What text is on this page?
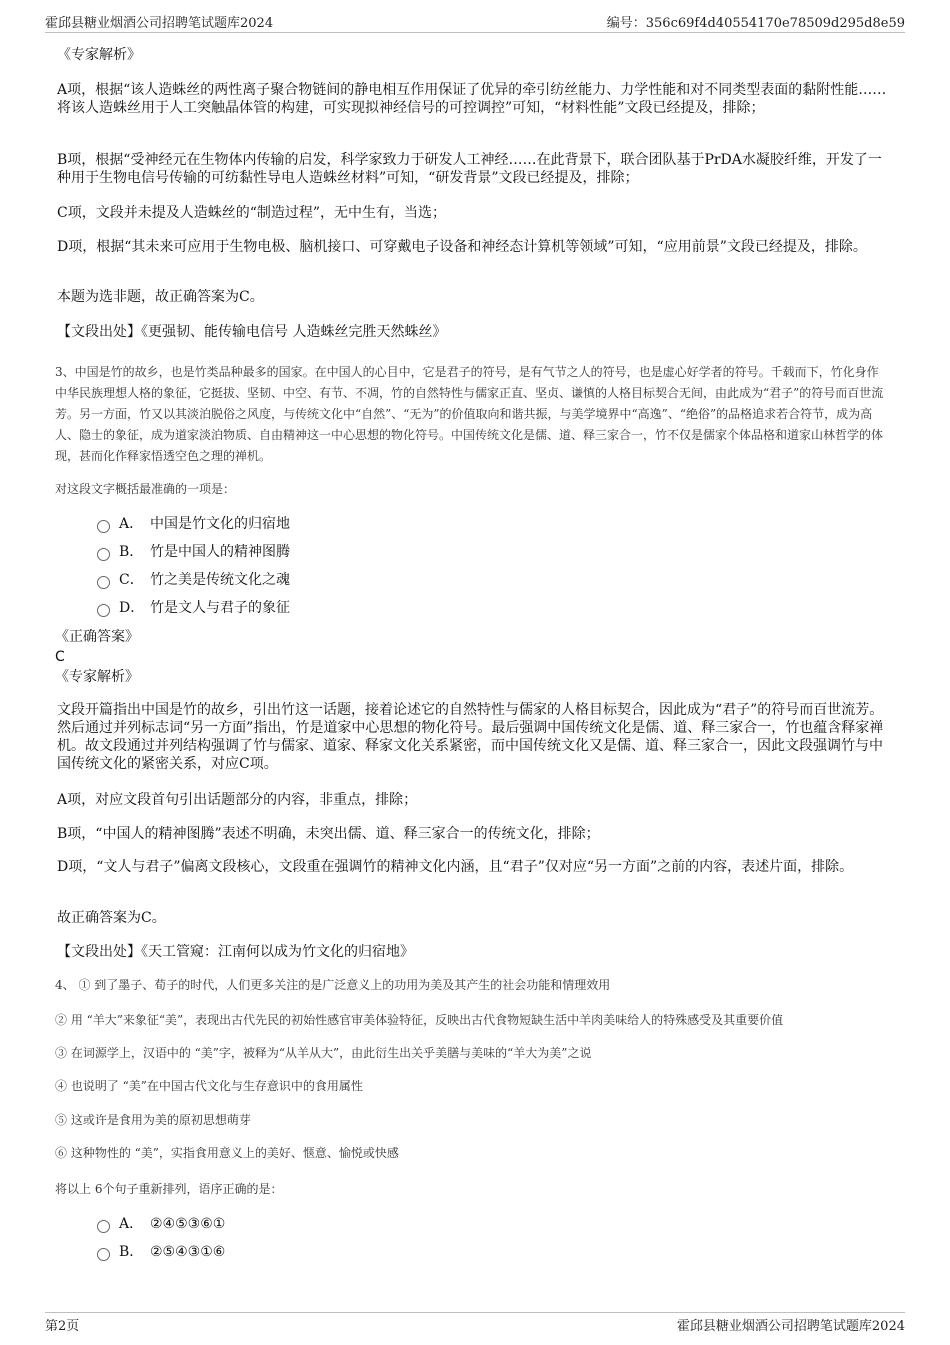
霍邱县糖业烟酒公司招聘笔试题库2024	编号：356c69f4d40554170e78509d295d8e59
《专家解析》
A项，根据“该人造蛛丝的两性离子聚合物链间的静电相互作用保证了优异的牵引纺丝能力、力学性能和对不同类型表面的黏附性能……将该人造蛛丝用于人工突触晶体管的构建，可实现拟神经信号的可控调控”可知，“材料性能”文段已经提及，排除；
B项，根据“受神经元在生物体内传输的启发，科学家致力于研发人工神经……在此背景下，联合团队基于PrDA水凝胶纤维，开发了一种用于生物电信号传输的可纺黏性导电人造蛛丝材料”可知，“研发背景”文段已经提及，排除；
C项，文段并未提及人造蛛丝的“制造过程”，无中生有，当选；
D项，根据“其未来可应用于生物电极、脑机接口、可穿戴电子设备和神经态计算机等领域”可知，“应用前景”文段已经提及，排除。
本题为选非题，故正确答案为C。
【文段出处】《更强韧、能传输电信号 人造蛛丝完胜天然蛛丝》
3、中国是竹的故乡，也是竹类品种最多的国家。在中国人的心目中，它是君子的符号，是有气节之人的符号，也是虚心好学者的符号。千载而下，竹化身作中华民族理想人格的象征，它挺拔、坚韧、中空、有节、不凋，竹的自然特性与儒家正直、坚贞、谦慎的人格目标契合无间，由此成为“君子”的符号而百世流芳。另一方面，竹又以其淡泊脱俗之风度，与传统文化中“自然”、“无为”的价值取向和谐共振，与美学境界中“高逸”、“绝俗”的品格追求若合符节，成为高人、隐士的象征，成为道家淡泊物质、自由精神这一中心思想的物化符号。中国传统文化是儒、道、释三家合一，竹不仅是儒家个体品格和道家山林哲学的体现，甚而化作释家悟透空色之理的禅机。
对这段文字概括最准确的一项是：
A． 中国是竹文化的归宿地
B． 竹是中国人的精神图腾
C． 竹之美是传统文化之魂
D． 竹是文人与君子的象征
《正确答案》
C
《专家解析》
文段开篇指出中国是竹的故乡，引出竹这一话题，接着论述它的自然特性与儒家的人格目标契合，因此成为“君子”的符号而百世流芳。然后通过并列标志词“另一方面”指出，竹是道家中心思想的物化符号。最后强调中国传统文化是儒、道、释三家合一，竹也蕴含释家禅机。故文段通过并列结构强调了竹与儒家、道家、释家文化关系紧密，而中国传统文化又是儒、道、释三家合一，因此文段强调竹与中国传统文化的紧密关系，对应C项。
A项，对应文段首句引出话题部分的内容，非重点，排除；
B项，“中国人的精神图腾”表述不明确，未突出儒、道、释三家合一的传统文化，排除；
D项，“文人与君子”偏离文段核心，文段重在强调竹的精神文化内涵，且“君子”仅对应“另一方面”之前的内容，表述片面，排除。
故正确答案为C。
【文段出处】《天工管窥：江南何以成为竹文化的归宿地》
4、 ① 到了墨子、荀子的时代，人们更多关注的是广泛意义上的功用为美及其产生的社会功能和情理效用
② 用 “羊大”来象征“美”，表现出古代先民的初始性感官审美体验特征，反映出古代食物短缺生活中羊肉美味给人的特殊感受及其重要价值
③ 在词源学上，汉语中的 “美”字，被释为“从羊从大”，由此衍生出关乎美膳与美味的“羊大为美”之说
④ 也说明了 “美”在中国古代文化与生存意识中的食用属性
⑤ 这或许是食用为美的原初思想萌芽
⑥ 这种物性的 “美”，实指食用意义上的美好、惬意、愉悦或快感
将以上 6个句子重新排列，语序正确的是：
A． ②④⑤③⑥①
B． ②⑤④③①⑥
第2页	霍邱县糖业烟酒公司招聘笔试题库2024
